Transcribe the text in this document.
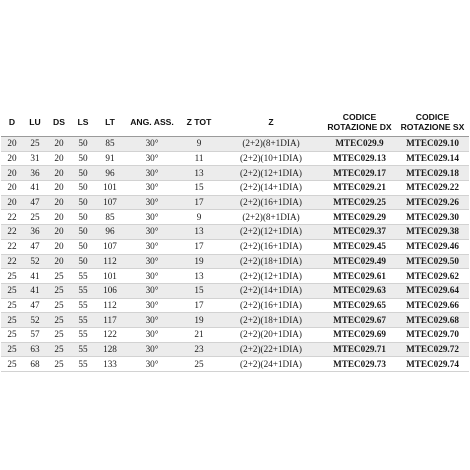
D	LU	DS	LS	LT	ANG. ASS.	Z TOT	Z	CODICE ROTAZIONE DX	CODICE ROTAZIONE SX
20	25	20	50	85	30°	9	(2+2)(8+1DIA)	MTEC029.9	MTEC029.10
20	31	20	50	91	30°	11	(2+2)(10+1DIA)	MTEC029.13	MTEC029.14
20	36	20	50	96	30°	13	(2+2)(12+1DIA)	MTEC029.17	MTEC029.18
20	41	20	50	101	30°	15	(2+2)(14+1DIA)	MTEC029.21	MTEC029.22
20	47	20	50	107	30°	17	(2+2)(16+1DIA)	MTEC029.25	MTEC029.26
22	25	20	50	85	30°	9	(2+2)(8+1DIA)	MTEC029.29	MTEC029.30
22	36	20	50	96	30°	13	(2+2)(12+1DIA)	MTEC029.37	MTEC029.38
22	47	20	50	107	30°	17	(2+2)(16+1DIA)	MTEC029.45	MTEC029.46
22	52	20	50	112	30°	19	(2+2)(18+1DIA)	MTEC029.49	MTEC029.50
25	41	25	55	101	30°	13	(2+2)(12+1DIA)	MTEC029.61	MTEC029.62
25	41	25	55	106	30°	15	(2+2)(14+1DIA)	MTEC029.63	MTEC029.64
25	47	25	55	112	30°	17	(2+2)(16+1DIA)	MTEC029.65	MTEC029.66
25	52	25	55	117	30°	19	(2+2)(18+1DIA)	MTEC029.67	MTEC029.68
25	57	25	55	122	30°	21	(2+2)(20+1DIA)	MTEC029.69	MTEC029.70
25	63	25	55	128	30°	23	(2+2)(22+1DIA)	MTEC029.71	MTEC029.72
25	68	25	55	133	30°	25	(2+2)(24+1DIA)	MTEC029.73	MTEC029.74
